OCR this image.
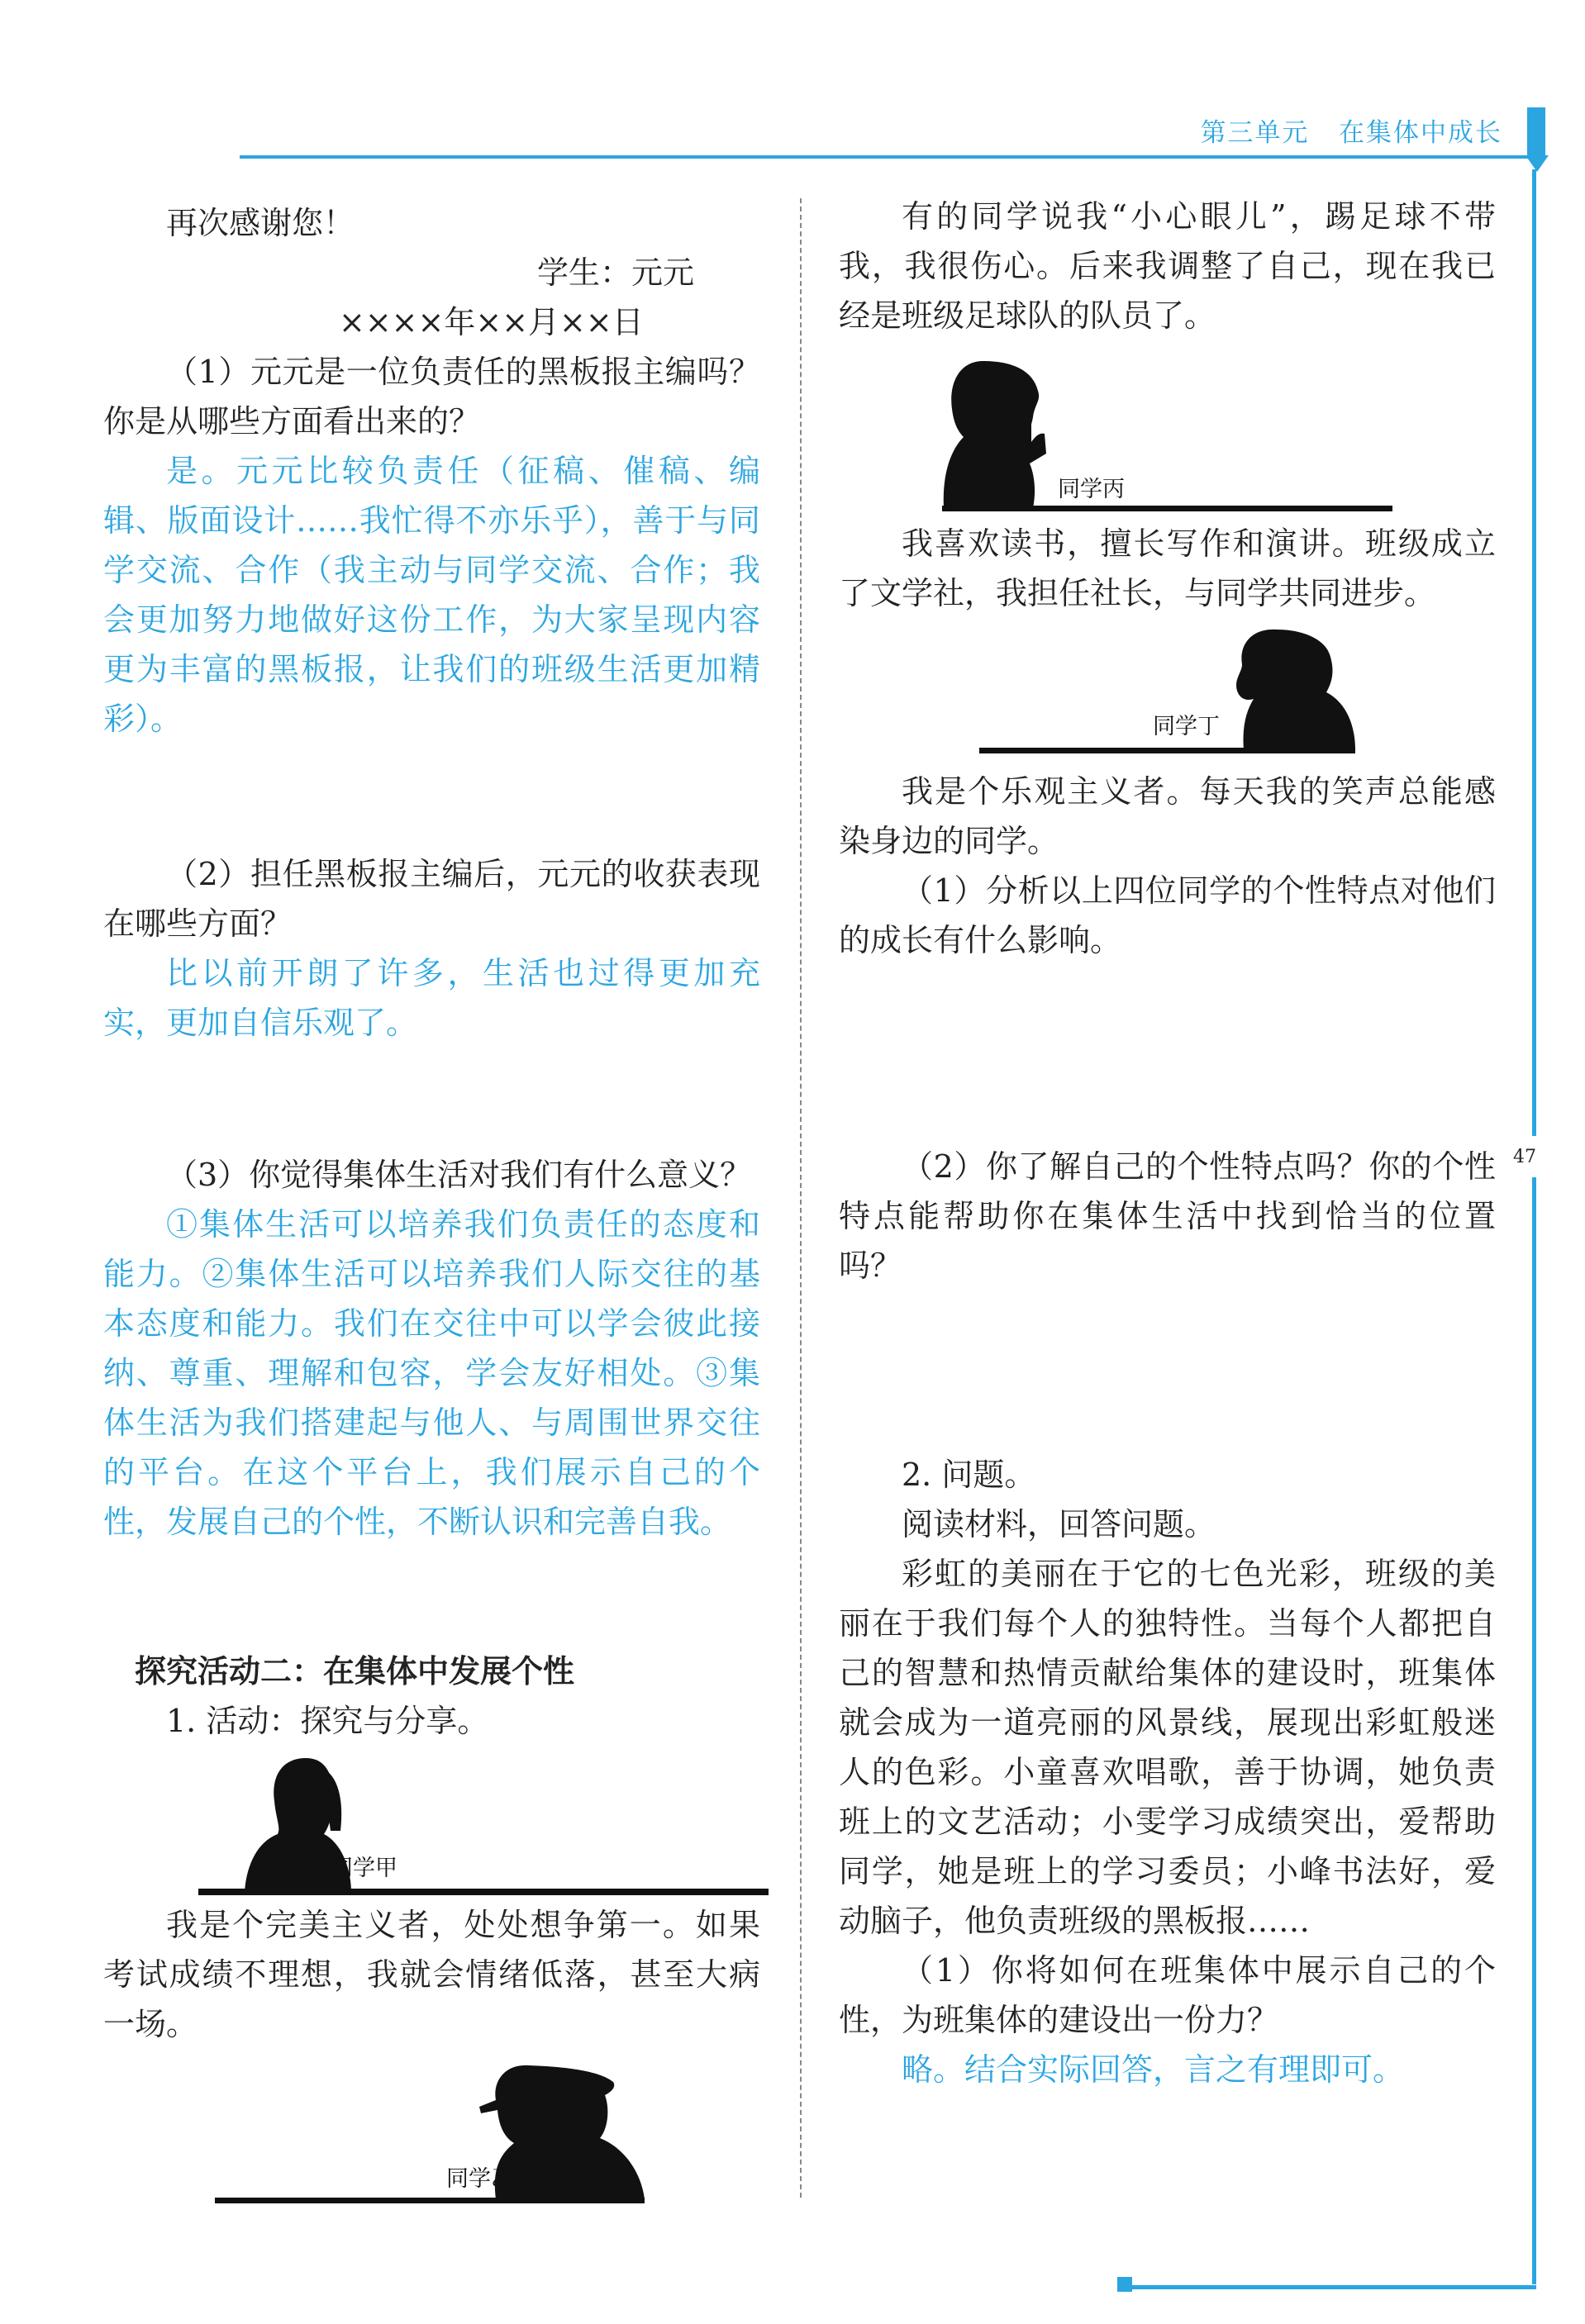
第三单元 在集体中成长
47

再次感谢您！

学生：元元

××××年××月××日

（1）元元是一位负责任的黑板报主编吗？你是从哪些方面看出来的？

是。元元比较负责任（征稿、催稿、编辑、版面设计……我忙得不亦乐乎），善于与同学交流、合作（我主动与同学交流、合作；我会更加努力地做好这份工作，为大家呈现内容更为丰富的黑板报，让我们的班级生活更加精彩）。

（2）担任黑板报主编后，元元的收获表现在哪些方面？

比以前开朗了许多，生活也过得更加充实，更加自信乐观了。

（3）你觉得集体生活对我们有什么意义？

①集体生活可以培养我们负责任的态度和能力。②集体生活可以培养我们人际交往的基本态度和能力。我们在交往中可以学会彼此接纳、尊重、理解和包容，学会友好相处。③集体生活为我们搭建起与他人、与周围世界交往的平台。在这个平台上，我们展示自己的个性，发展自己的个性，不断认识和完善自我。

探究活动二：在集体中发展个性

1. 活动：探究与分享。

同学甲

我是个完美主义者，处处想争第一。如果考试成绩不理想，我就会情绪低落，甚至大病一场。

同学乙

有的同学说我“小心眼儿”，踢足球不带我，我很伤心。后来我调整了自己，现在我已经是班级足球队的队员了。

同学丙

我喜欢读书，擅长写作和演讲。班级成立了文学社，我担任社长，与同学共同进步。

同学丁

我是个乐观主义者。每天我的笑声总能感染身边的同学。

（1）分析以上四位同学的个性特点对他们的成长有什么影响。

（2）你了解自己的个性特点吗？你的个性特点能帮助你在集体生活中找到恰当的位置吗？

2. 问题。

阅读材料，回答问题。

彩虹的美丽在于它的七色光彩，班级的美丽在于我们每个人的独特性。当每个人都把自己的智慧和热情贡献给集体的建设时，班集体就会成为一道亮丽的风景线，展现出彩虹般迷人的色彩。小童喜欢唱歌，善于协调，她负责班上的文艺活动；小雯学习成绩突出，爱帮助同学，她是班上的学习委员；小峰书法好，爱动脑子，他负责班级的黑板报……

（1）你将如何在班集体中展示自己的个性，为班集体的建设出一份力？

略。结合实际回答，言之有理即可。
